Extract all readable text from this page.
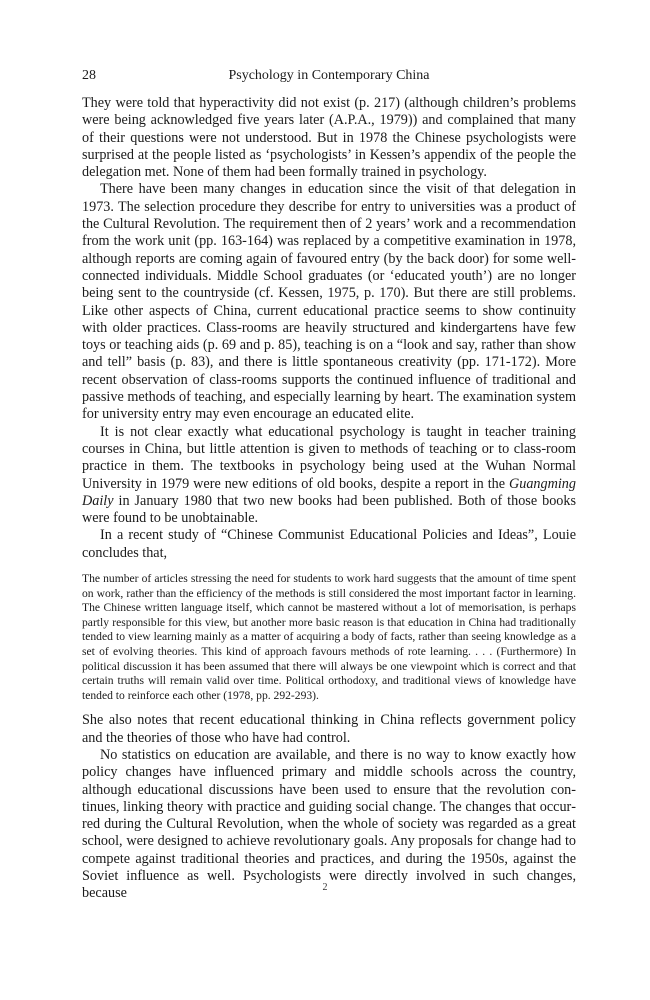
28	Psychology in Contemporary China

They were told that hyperactivity did not exist (p. 217) (although children’s problems were being acknowledged five years later (A.P.A., 1979)) and complained that many of their questions were not understood. But in 1978 the Chinese psychologists were surprised at the people listed as ‘psychologists’ in Kessen’s appendix of the people the delegation met. None of them had been formally trained in psychology.

There have been many changes in education since the visit of that delegation in 1973. The selection procedure they describe for entry to universities was a product of the Cultural Revolution. The requirement then of 2 years’ work and a recommendation from the work unit (pp. 163-164) was replaced by a competitive examination in 1978, although reports are coming again of favoured entry (by the back door) for some well-connected individuals. Middle School graduates (or ‘educated youth’) are no longer being sent to the countryside (cf. Kessen, 1975, p. 170). But there are still problems. Like other aspects of China, current educational practice seems to show continuity with older practices. Class-rooms are heavily structured and kindergartens have few toys or teaching aids (p. 69 and p. 85), teaching is on a “look and say, rather than show and tell” basis (p. 83), and there is little spontaneous creativity (pp. 171-172). More recent observation of class-rooms supports the continued influence of traditional and passive methods of teaching, and especially learning by heart. The examination system for university entry may even encourage an educated elite.

It is not clear exactly what educational psychology is taught in teacher training courses in China, but little attention is given to methods of teaching or to class-room practice in them. The textbooks in psychology being used at the Wuhan Normal University in 1979 were new editions of old books, despite a report in the Guangming Daily in January 1980 that two new books had been published. Both of those books were found to be unobtainable.

In a recent study of “Chinese Communist Educational Policies and Ideas”, Louie concludes that,

The number of articles stressing the need for students to work hard suggests that the amount of time spent on work, rather than the efficiency of the methods is still considered the most important factor in learning. The Chinese written language itself, which cannot be mastered without a lot of memorisation, is perhaps partly responsible for this view, but another more basic reason is that education in China had traditionally tended to view learning mainly as a matter of acquiring a body of facts, rather than seeing knowledge as a set of evolving theories. This kind of approach favours methods of rote learning. . . . (Furthermore) In political discussion it has been assumed that there will always be one viewpoint which is correct and that certain truths will remain valid over time. Political orthodoxy, and traditional views of knowledge have tended to reinforce each other (1978, pp. 292-293).

She also notes that recent educational thinking in China reflects government policy and the theories of those who have had control.

No statistics on education are available, and there is no way to know exactly how policy changes have influenced primary and middle schools across the country, although educational discussions have been used to ensure that the revolution continues, linking theory with practice and guiding social change. The changes that occurred during the Cultural Revolution, when the whole of society was regarded as a great school, were designed to achieve revolutionary goals. Any proposals for change had to compete against traditional theories and practices, and during the 1950s, against the Soviet influence as well. Psychologists were directly involved in such changes, because	2
